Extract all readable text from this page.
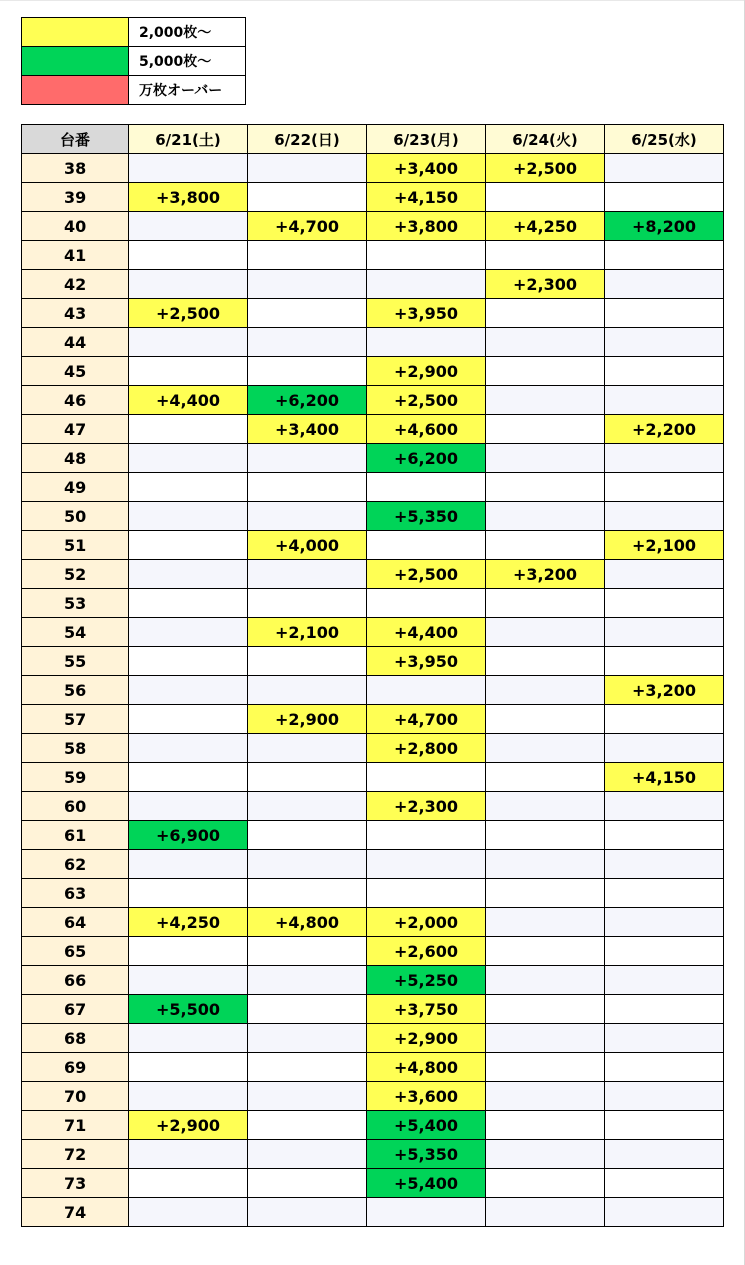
	2,000枚〜
	5,000枚〜
	万枚オーバー
台番	6/21(土)	6/22(日)	6/23(月)	6/24(火)	6/25(水)
38			+3,400	+2,500	
39	+3,800		+4,150		
40		+4,700	+3,800	+4,250	+8,200
41					
42				+2,300	
43	+2,500		+3,950		
44					
45			+2,900		
46	+4,400	+6,200	+2,500		
47		+3,400	+4,600		+2,200
48			+6,200		
49					
50			+5,350		
51		+4,000			+2,100
52			+2,500	+3,200	
53					
54		+2,100	+4,400		
55			+3,950		
56					+3,200
57		+2,900	+4,700		
58			+2,800		
59					+4,150
60			+2,300		
61	+6,900				
62					
63					
64	+4,250	+4,800	+2,000		
65			+2,600		
66			+5,250		
67	+5,500		+3,750		
68			+2,900		
69			+4,800		
70			+3,600		
71	+2,900		+5,400		
72			+5,350		
73			+5,400		
74					
